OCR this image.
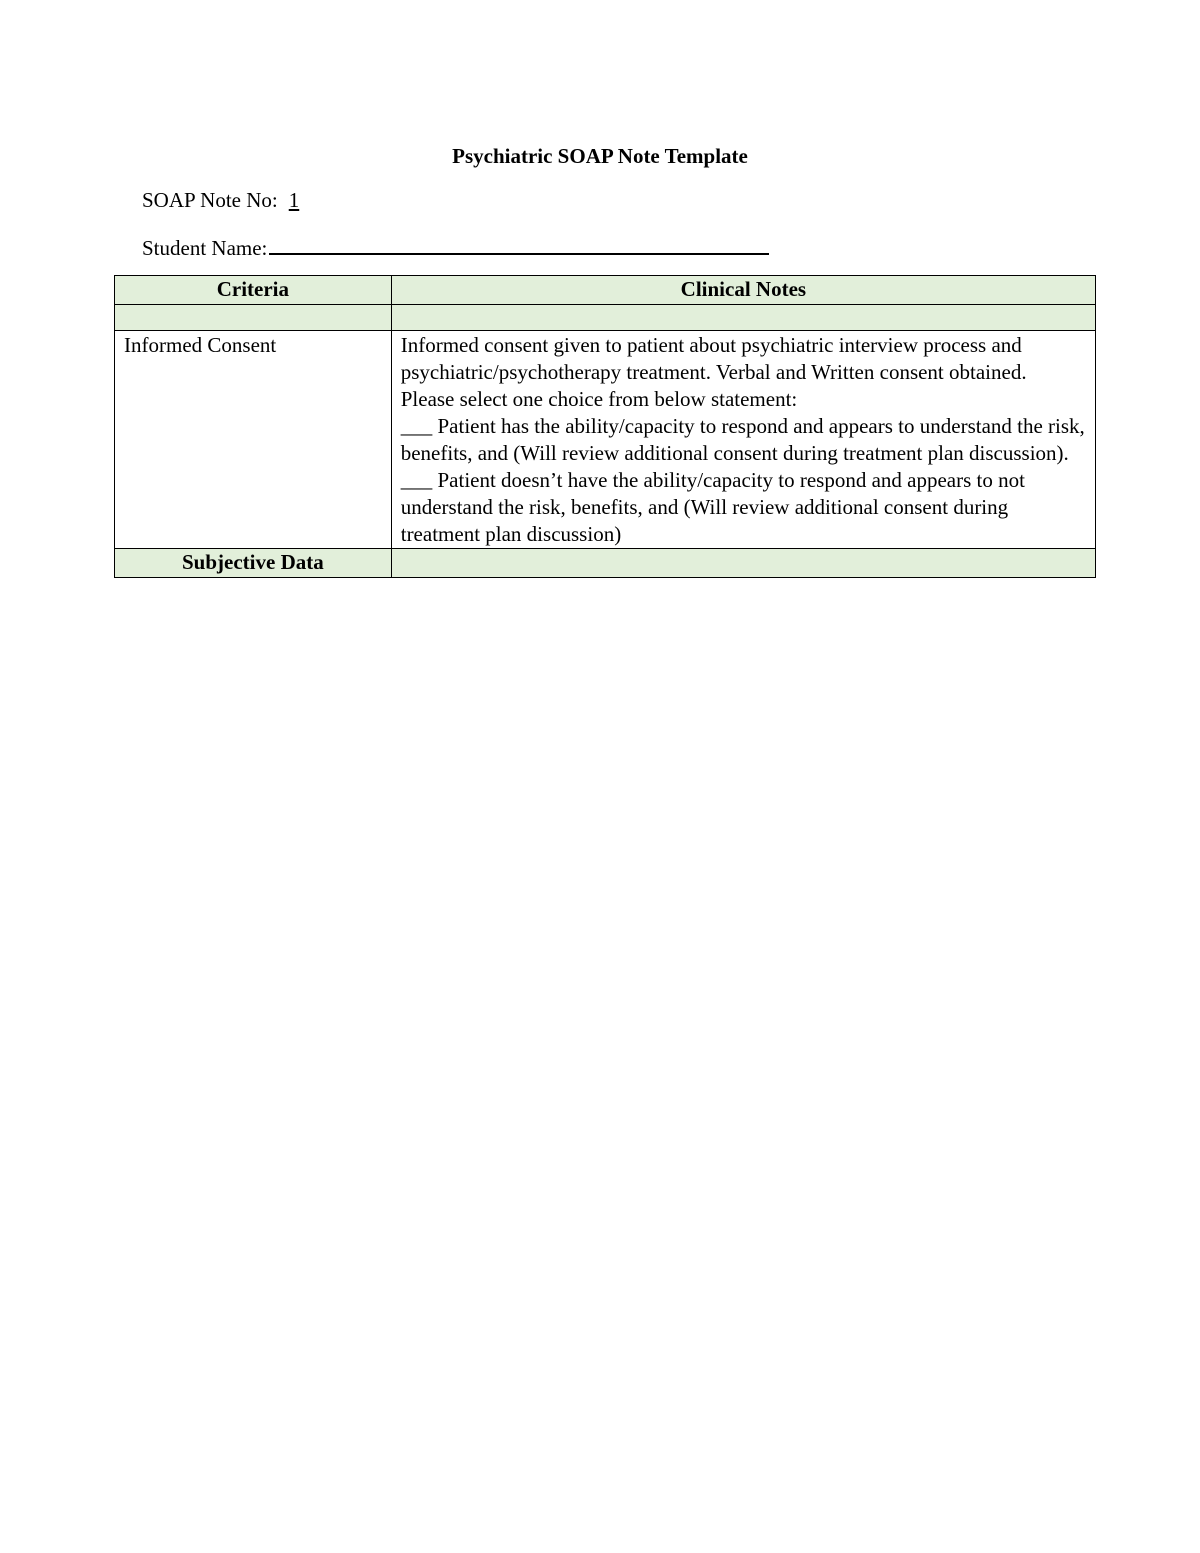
Psychiatric SOAP Note Template
SOAP Note No: 1
Student Name:
Criteria	Clinical Notes

Informed Consent	Informed consent given to patient about psychiatric interview process and psychiatric/psychotherapy treatment. Verbal and Written consent obtained.

Please select one choice from below statement:

___ Patient has the ability/capacity to respond and appears to understand the risk, benefits, and (Will review additional consent during treatment plan discussion).

___ Patient doesn’t have the ability/capacity to respond and appears to not understand the risk, benefits, and (Will review additional consent during treatment plan discussion)

Subjective Data	
